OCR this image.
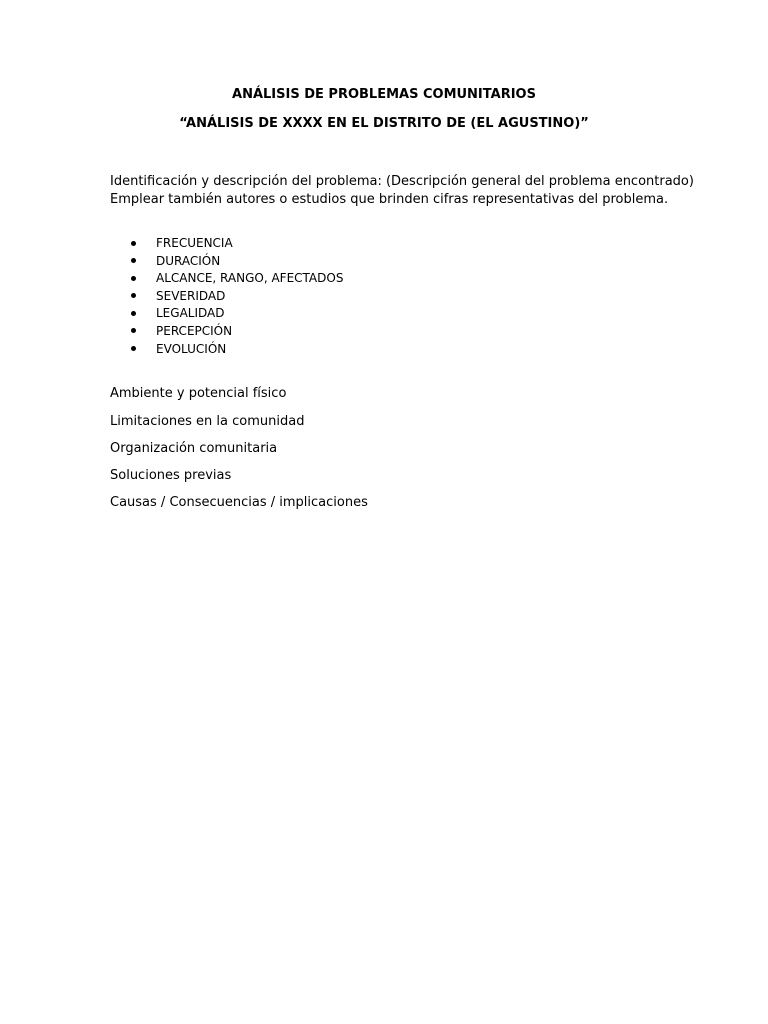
ANÁLISIS DE PROBLEMAS COMUNITARIOS
“ANÁLISIS DE XXXX EN EL DISTRITO DE (EL AGUSTINO)”

Identificación y descripción del problema: (Descripción general del problema encontrado)

Emplear también autores o estudios que brinden cifras representativas del problema.

FRECUENCIA
DURACIÓN
ALCANCE, RANGO, AFECTADOS
SEVERIDAD
LEGALIDAD
PERCEPCIÓN
EVOLUCIÓN
Ambiente y potencial físico
Limitaciones en la comunidad
Organización comunitaria
Soluciones previas
Causas / Consecuencias / implicaciones
